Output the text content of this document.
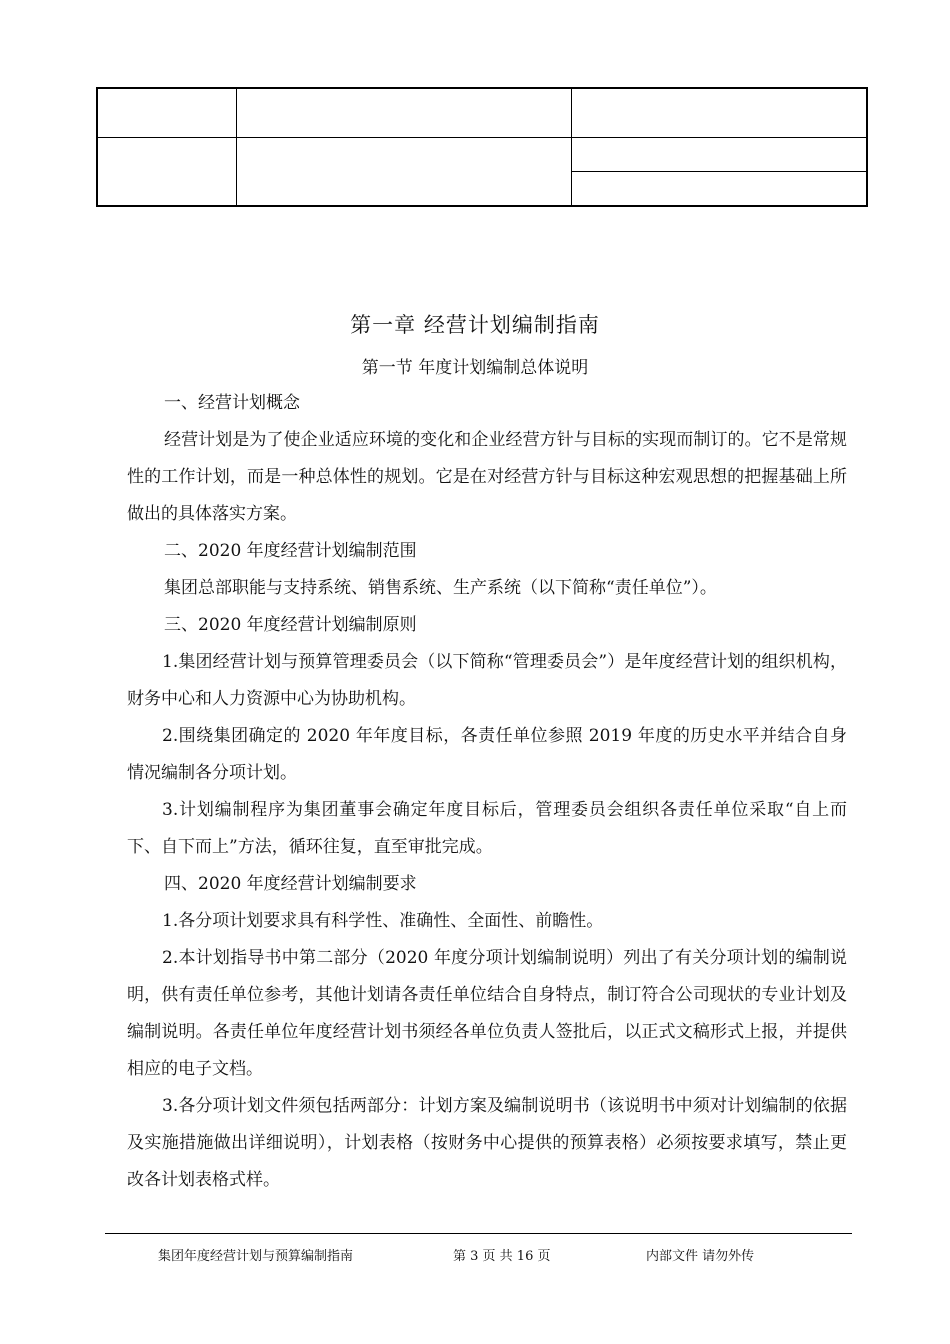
第一章 经营计划编制指南
第一节 年度计划编制总体说明

一、经营计划概念

经营计划是为了使企业适应环境的变化和企业经营方针与目标的实现而制订的。它不是常规性的工作计划，而是一种总体性的规划。它是在对经营方针与目标这种宏观思想的把握基础上所做出的具体落实方案。

二、2020 年度经营计划编制范围

集团总部职能与支持系统、销售系统、生产系统（以下简称“责任单位”）。

三、2020 年度经营计划编制原则

1.集团经营计划与预算管理委员会（以下简称“管理委员会”）是年度经营计划的组织机构，财务中心和人力资源中心为协助机构。

2.围绕集团确定的 2020 年年度目标，各责任单位参照 2019 年度的历史水平并结合自身情况编制各分项计划。

3.计划编制程序为集团董事会确定年度目标后，管理委员会组织各责任单位采取“自上而下、自下而上”方法，循环往复，直至审批完成。

四、2020 年度经营计划编制要求

1.各分项计划要求具有科学性、准确性、全面性、前瞻性。

2.本计划指导书中第二部分（2020 年度分项计划编制说明）列出了有关分项计划的编制说明，供有责任单位参考，其他计划请各责任单位结合自身特点，制订符合公司现状的专业计划及编制说明。各责任单位年度经营计划书须经各单位负责人签批后，以正式文稿形式上报，并提供相应的电子文档。

3.各分项计划文件须包括两部分：计划方案及编制说明书（该说明书中须对计划编制的依据及实施措施做出详细说明），计划表格（按财务中心提供的预算表格）必须按要求填写，禁止更改各计划表格式样。

集团年度经营计划与预算编制指南	第 3 页 共 16 页	内部文件 请勿外传
